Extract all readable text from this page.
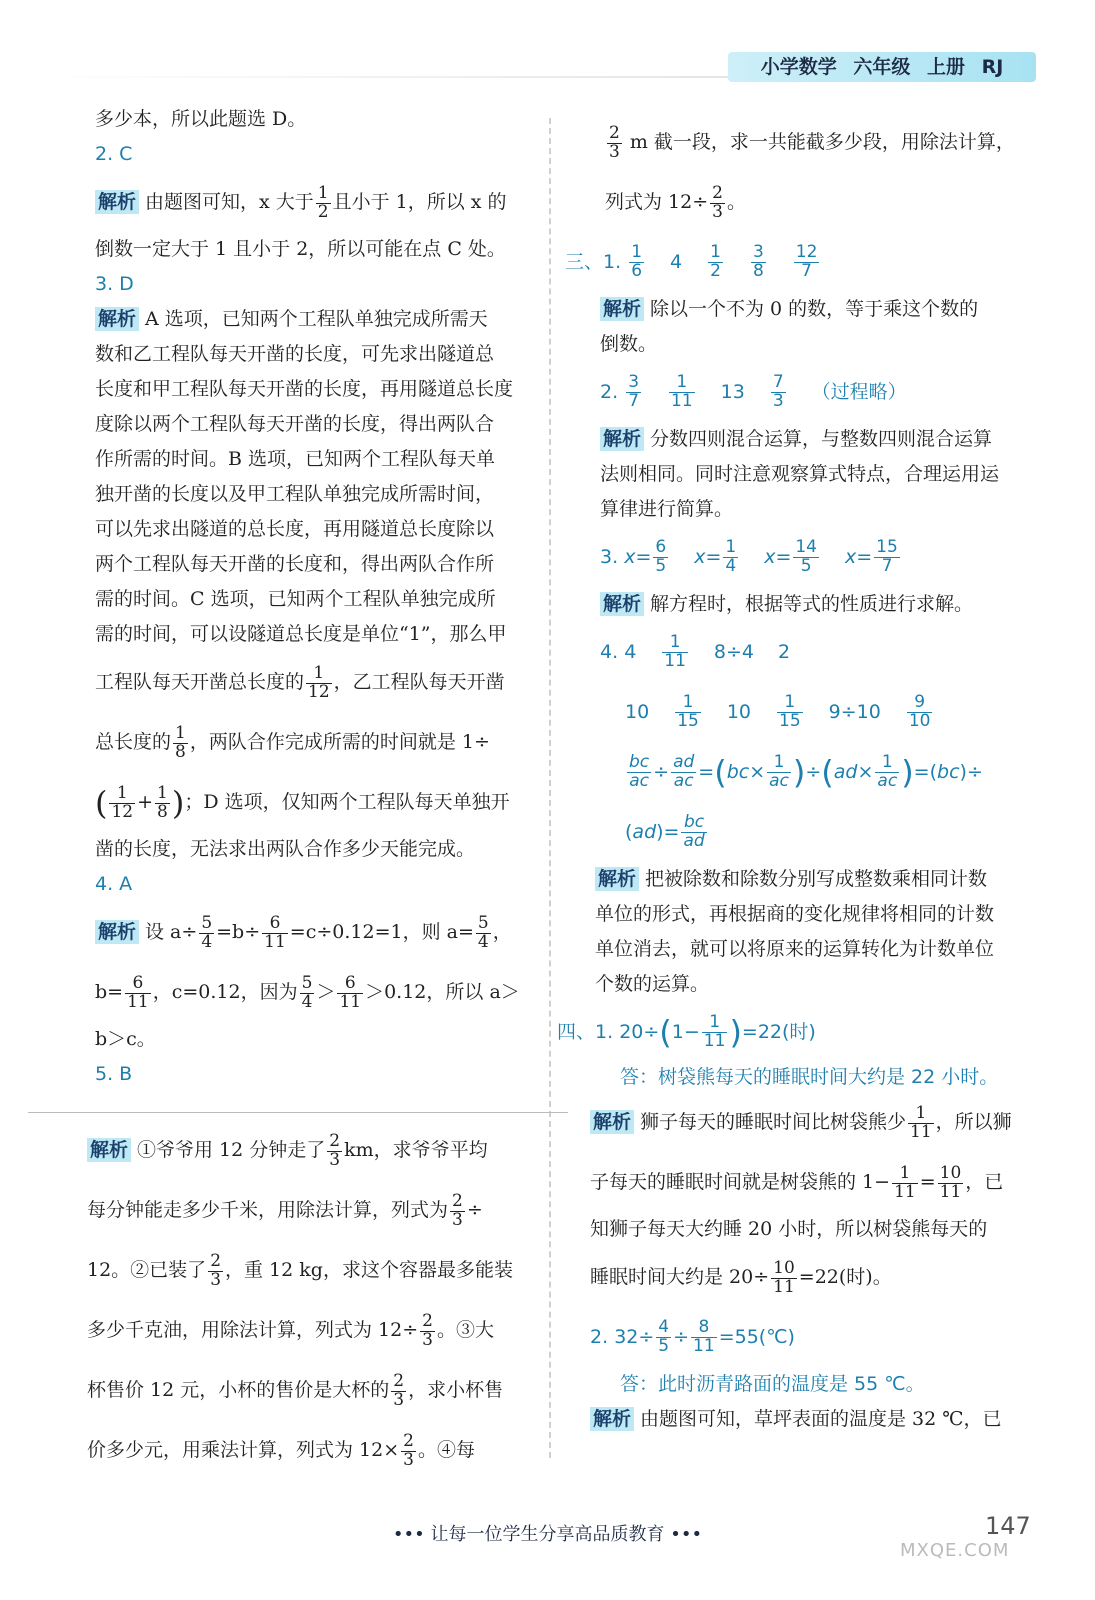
小学数学 六年级 上册 RJ

多少本，所以此题选 D。

2. C

解析 由题图可知，x 大于 $\frac{1}{2}$ 且小于 1，所以 x 的

倒数一定大于 1 且小于 2，所以可能在点 C 处。

3. D

解析 A 选项，已知两个工程队单独完成所需天

数和乙工程队每天开凿的长度，可先求出隧道总

长度和甲工程队每天开凿的长度，再用隧道总长度

度除以两个工程队每天开凿的长度，得出两队合

作所需的时间。B 选项，已知两个工程队每天单

独开凿的长度以及甲工程队单独完成所需时间，

可以先求出隧道的总长度，再用隧道总长度除以

两个工程队每天开凿的长度和，得出两队合作所

需的时间。C 选项，已知两个工程队单独完成所

需的时间，可以设隧道总长度是单位“1”，那么甲

工程队每天开凿总长度的 $\frac{1}{12}$ ，乙工程队每天开凿

总长度的 $\frac{1}{8}$ ，两队合作完成所需的时间就是 1÷

( $\frac{1}{12} + \frac{1}{8}$ )；D 选项，仅知两个工程队每天单独开

凿的长度，无法求出两队合作多少天能完成。

4. A

解析 设 $a\div \frac{5}{4} =b\div \frac{6}{11} =c\div 0.12=1$，则 $a= \frac{5}{4}$ ，

$b= \frac{6}{11}$ ，c=0.12，因为 $\frac{5}{4} > \frac{6}{11} >0.12$，所以 a＞

b＞c。

5. B

解析 ①爷爷用 12 分钟走了 $\frac{2}{3}$ km，求爷爷平均

每分钟能走多少千米，用除法计算，列式为 $\frac{2}{3}$ ÷

12。②已装了 $\frac{2}{3}$ ，重 12 kg，求这个容器最多能装

多少千克油，用除法计算，列式为 $12\div \frac{2}{3}$ 。③大

杯售价 12 元，小杯的售价是大杯的 $\frac{2}{3}$ ，求小杯售

价多少元，用乘法计算，列式为 $12\times \frac{2}{3}$ 。④每

$\frac{2}{3}$ m 截一段，求一共能截多少段，用除法计算，

列式为 $12\div \frac{2}{3}$ 。

三、1. $\frac{1}{6} 4 \frac{1}{2} \frac{3}{8} \frac{12}{7}$

解析 除以一个不为 0 的数，等于乘这个数的

倒数。

2. $\frac{3}{7} \frac{1}{11} 13 \frac{7}{3}$ （过程略）

解析 分数四则混合运算，与整数四则混合运算

法则相同。同时注意观察算式特点，合理运用运

算律进行简算。

3. $x= \frac{6}{5} x= \frac{1}{4} x= \frac{14}{5} x= \frac{15}{7}$

解析 解方程时，根据等式的性质进行求解。

4. $4 \frac{1}{11} 8\div 4$ 2

$10 \frac{1}{15} 10 \frac{1}{15} 9\div 10 \frac{9}{10}$

$\frac{bc}{ac} \div \frac{ad}{ac} =(bc\times \frac{1}{ac} )\div(ad\times \frac{1}{ac} )=(bc)\div$

$(ad)= \frac{bc}{ad}$

解析 把被除数和除数分别写成整数乘相同计数

单位的形式，再根据商的变化规律将相同的计数

单位消去，就可以将原来的运算转化为计数单位

个数的运算。

四、1. $20\div(1- \frac{1}{11} )=22$(时)

答：树袋熊每天的睡眠时间大约是 22 小时。

解析 狮子每天的睡眠时间比树袋熊少 $\frac{1}{11}$ ，所以狮

子每天的睡眠时间就是树袋熊的 $1- \frac{1}{11} = \frac{10}{11}$ ，已

知狮子每天大约睡 20 小时，所以树袋熊每天的

睡眠时间大约是 $20\div \frac{10}{11} =22$(时)。

2. $32\div \frac{4}{5} \div \frac{8}{11}$ =55(℃)

答：此时沥青路面的温度是 55 ℃。

解析 由题图可知，草坪表面的温度是 32 ℃，已

••• 让每一位学生分享高品质教育 •••	147
MXQE.COM
